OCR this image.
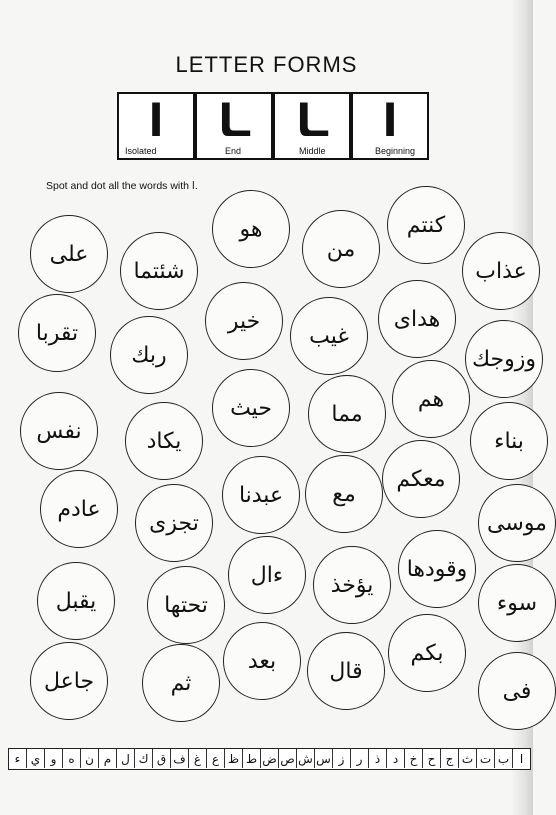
LETTER FORMS
ا
Isolated
ـا
End
ـا
Middle
ا
Beginning
Spot and dot all the words with ا.
كنتم
هو
من
على
شئتما	عذاب
خير	هداى
تقربا	غيب
ربك	وزوجك
هم
حيث	مما
نفس	يكاد	بناء
معكم
عبدنا	مع
عادم
تجزى	موسى
وقودها
ءال	يؤخذ
يقبل	تحتها	سوء
بكم
بعد	قال
جاعل	ثم	فى
ا
ب
ت
ث
ج
ح
خ
د
ذ
ر
ز
س
ش
ص
ض
ط
ظ
ع
غ
ف
ق
ك
ل
م
ن
ه
و
ي
ء
